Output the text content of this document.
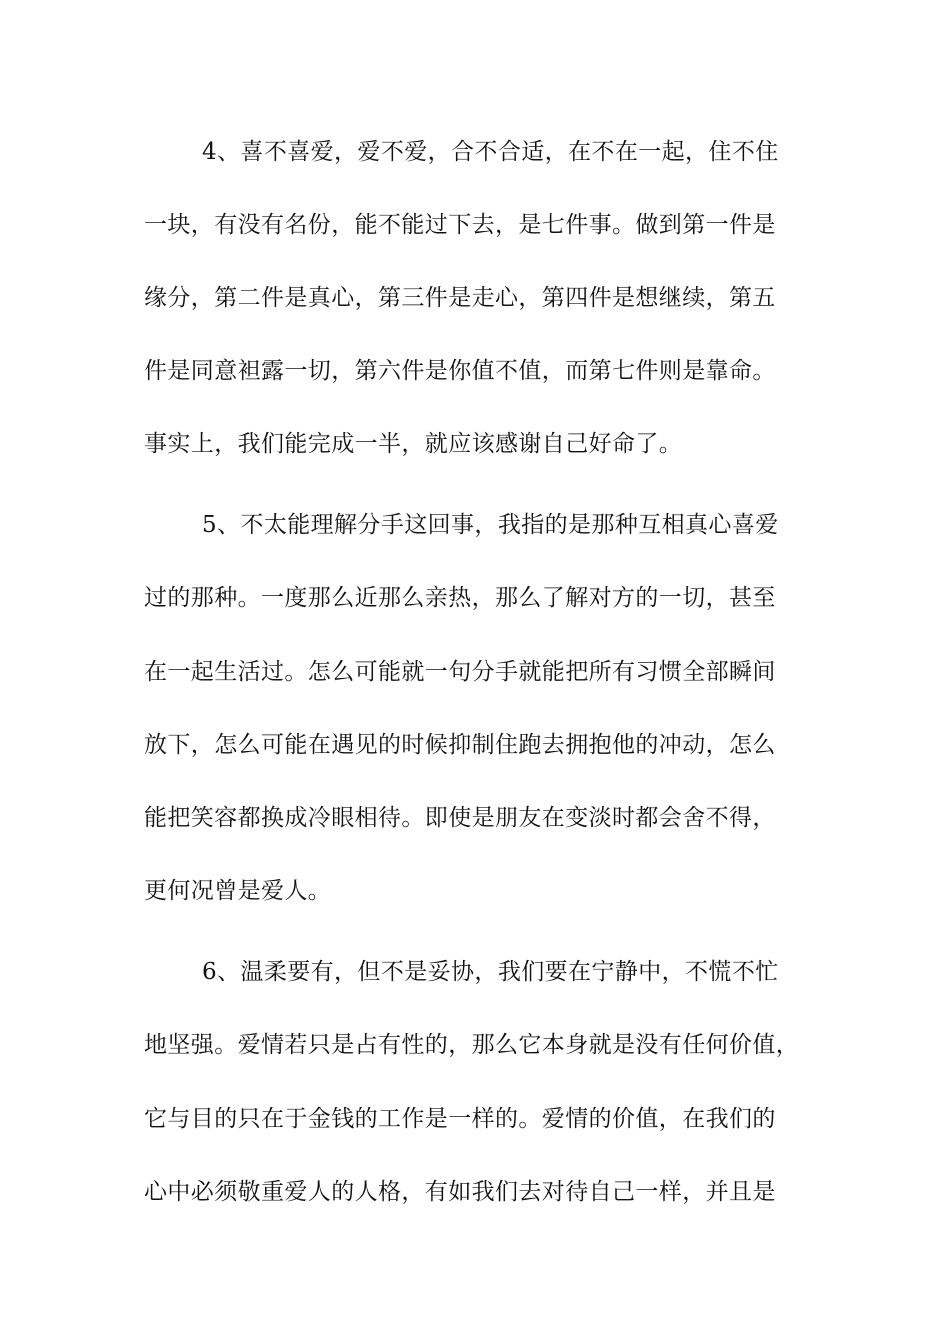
4、喜不喜爱，爱不爱，合不合适，在不在一起，住不住
一块，有没有名份，能不能过下去，是七件事。做到第一件是
缘分，第二件是真心，第三件是走心，第四件是想继续，第五
件是同意袒露一切，第六件是你值不值，而第七件则是靠命。
事实上，我们能完成一半，就应该感谢自己好命了。
5、不太能理解分手这回事，我指的是那种互相真心喜爱
过的那种。一度那么近那么亲热，那么了解对方的一切，甚至
在一起生活过。怎么可能就一句分手就能把所有习惯全部瞬间
放下，怎么可能在遇见的时候抑制住跑去拥抱他的冲动，怎么
能把笑容都换成冷眼相待。即使是朋友在变淡时都会舍不得，
更何况曾是爱人。
6、温柔要有，但不是妥协，我们要在宁静中，不慌不忙
地坚强。爱情若只是占有性的，那么它本身就是没有任何价值，
它与目的只在于金钱的工作是一样的。爱情的价值，在我们的
心中必须敬重爱人的人格，有如我们去对待自己一样，并且是
